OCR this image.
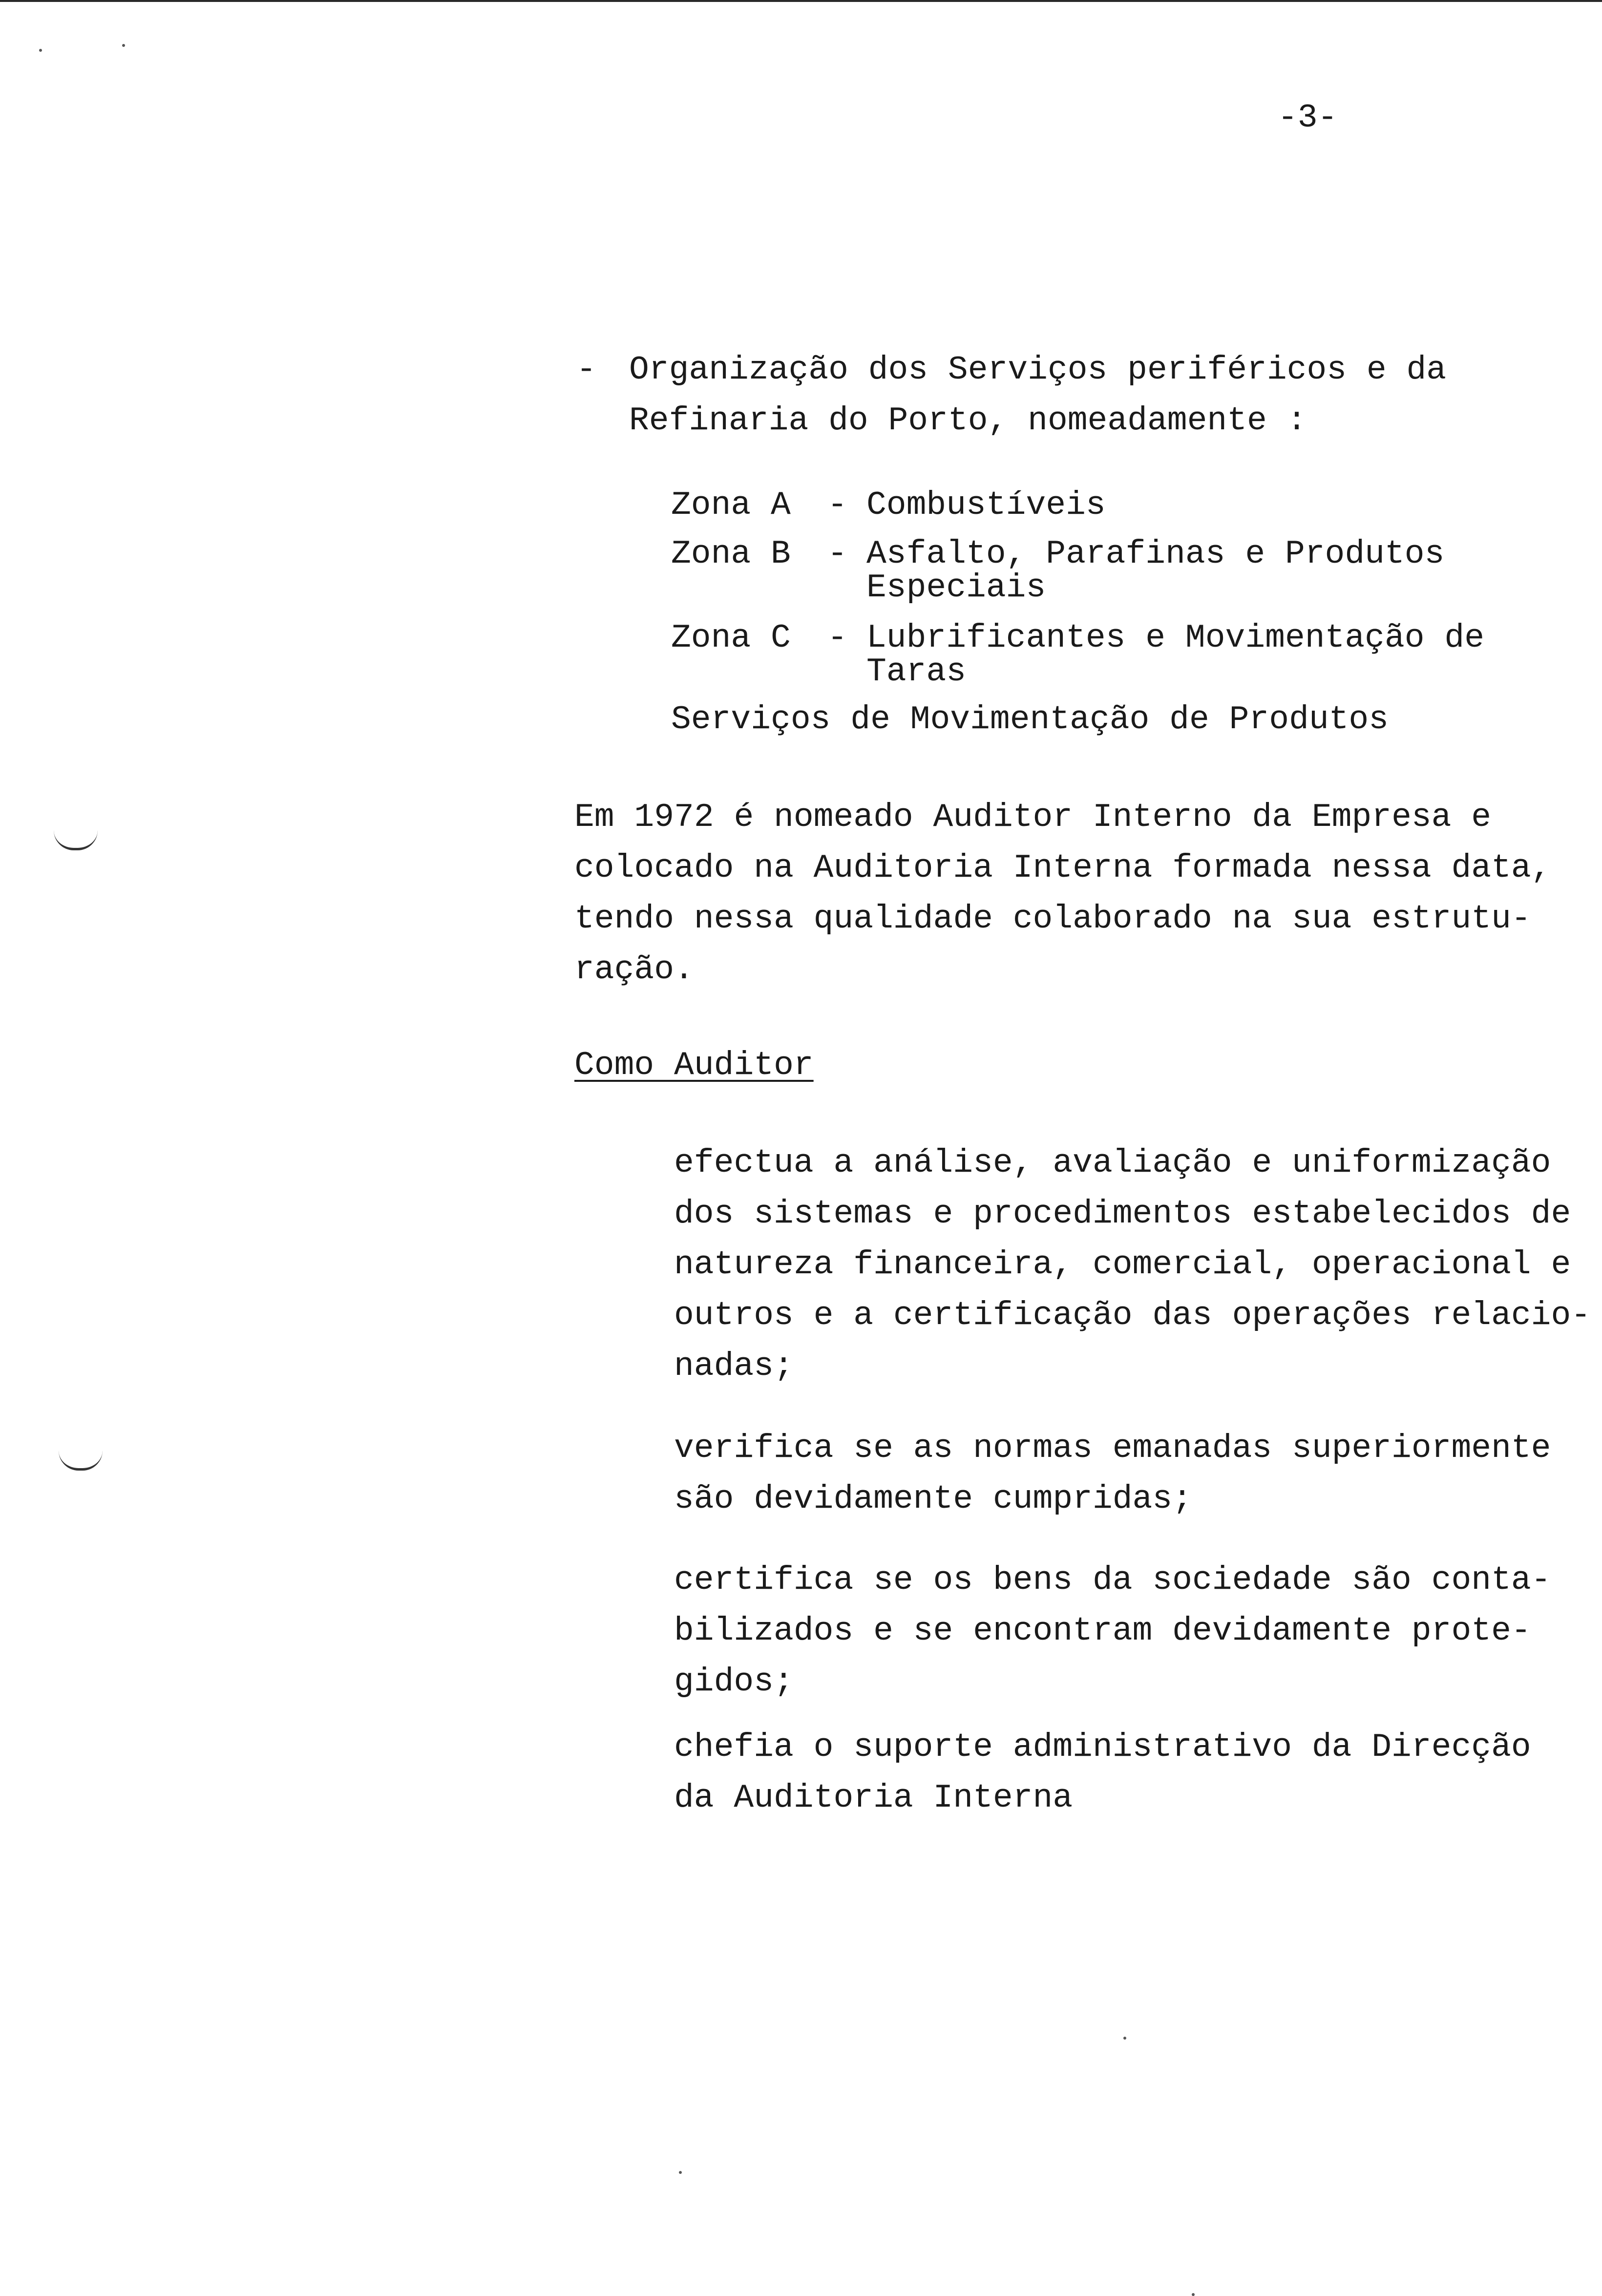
-3-
- Organização dos Serviços periféricos e da
Refinaria do Porto, nomeadamente :
Zona A - Combustíveis
Zona B - Asfalto, Parafinas e Produtos
Especiais
Zona C - Lubrificantes e Movimentação de
Taras
Serviços de Movimentação de Produtos
Em 1972 é nomeado Auditor Interno da Empresa e
colocado na Auditoria Interna formada nessa data,
tendo nessa qualidade colaborado na sua estrutu-
ração.
Como Auditor
efectua a análise, avaliação e uniformização
dos sistemas e procedimentos estabelecidos de
natureza financeira, comercial, operacional e
outros e a certificação das operações relacio-
nadas;
verifica se as normas emanadas superiormente
são devidamente cumpridas;
certifica se os bens da sociedade são conta-
bilizados e se encontram devidamente prote-
gidos;
chefia o suporte administrativo da Direcção
da Auditoria Interna
